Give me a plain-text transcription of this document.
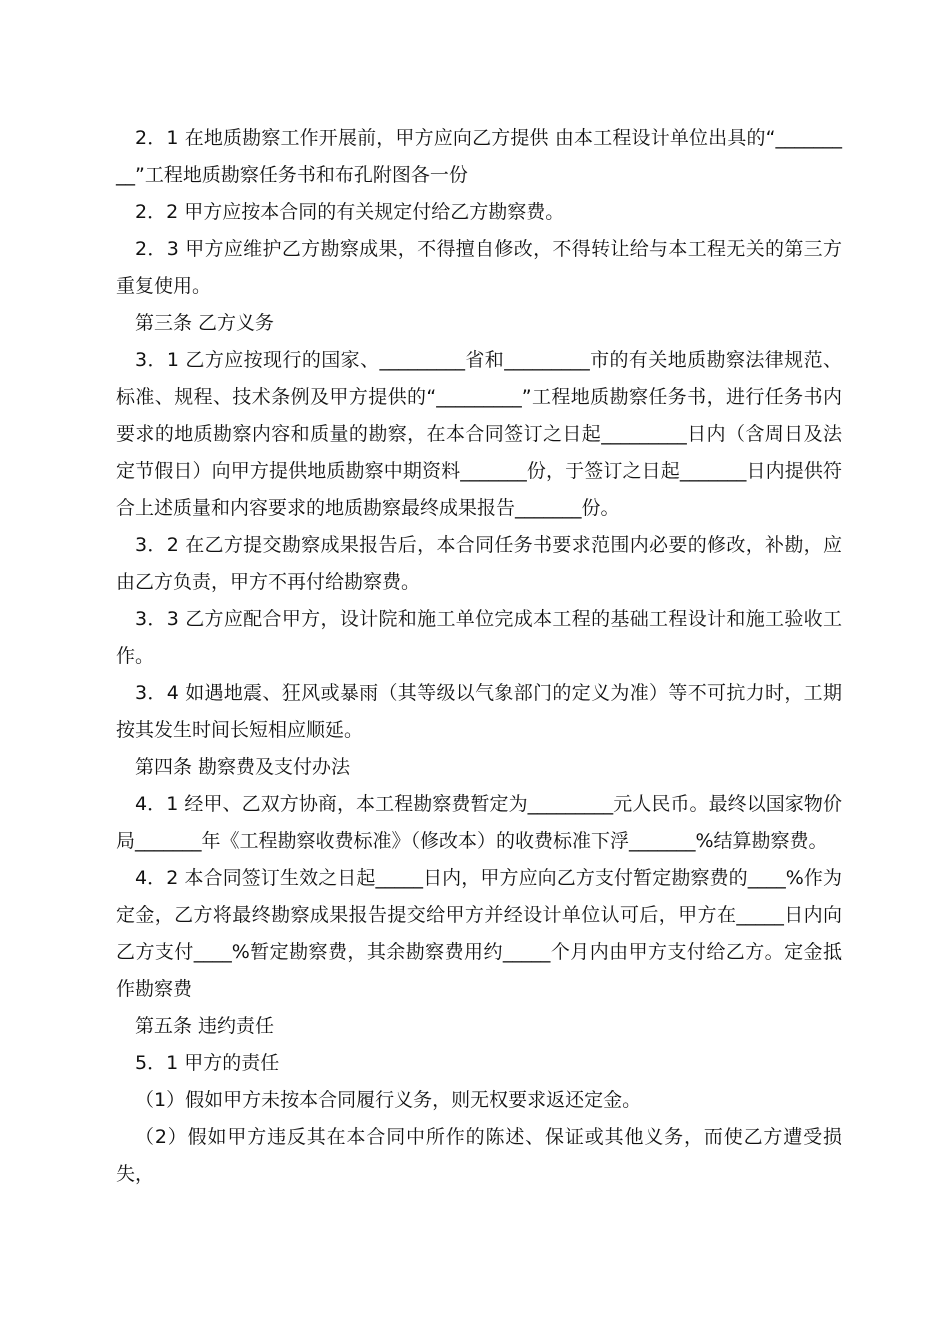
2．1 在地质勘察工作开展前，甲方应向乙方提供 由本工程设计单位出具的“_________”工程地质勘察任务书和布孔附图各一份

2．2 甲方应按本合同的有关规定付给乙方勘察费。

2．3 甲方应维护乙方勘察成果，不得擅自修改，不得转让给与本工程无关的第三方重复使用。

第三条 乙方义务

3．1 乙方应按现行的国家、_________省和_________市的有关地质勘察法律规范、标准、规程、技术条例及甲方提供的“_________”工程地质勘察任务书，进行任务书内要求的地质勘察内容和质量的勘察，在本合同签订之日起_________日内（含周日及法定节假日）向甲方提供地质勘察中期资料_______份，于签订之日起_______日内提供符合上述质量和内容要求的地质勘察最终成果报告_______份。

3．2 在乙方提交勘察成果报告后，本合同任务书要求范围内必要的修改，补勘，应由乙方负责，甲方不再付给勘察费。

3．3 乙方应配合甲方，设计院和施工单位完成本工程的基础工程设计和施工验收工作。

3．4 如遇地震、狂风或暴雨（其等级以气象部门的定义为准）等不可抗力时，工期按其发生时间长短相应顺延。

第四条 勘察费及支付办法

4．1 经甲、乙双方协商，本工程勘察费暂定为_________元人民币。最终以国家物价局_______年《工程勘察收费标准》（修改本）的收费标准下浮_______%结算勘察费。

4．2 本合同签订生效之日起_____日内，甲方应向乙方支付暂定勘察费的____%作为定金，乙方将最终勘察成果报告提交给甲方并经设计单位认可后，甲方在_____日内向乙方支付____%暂定勘察费，其余勘察费用约_____个月内由甲方支付给乙方。定金抵作勘察费

第五条 违约责任

5．1 甲方的责任

（1）假如甲方未按本合同履行义务，则无权要求返还定金。

（2）假如甲方违反其在本合同中所作的陈述、保证或其他义务，而使乙方遭受损失，
